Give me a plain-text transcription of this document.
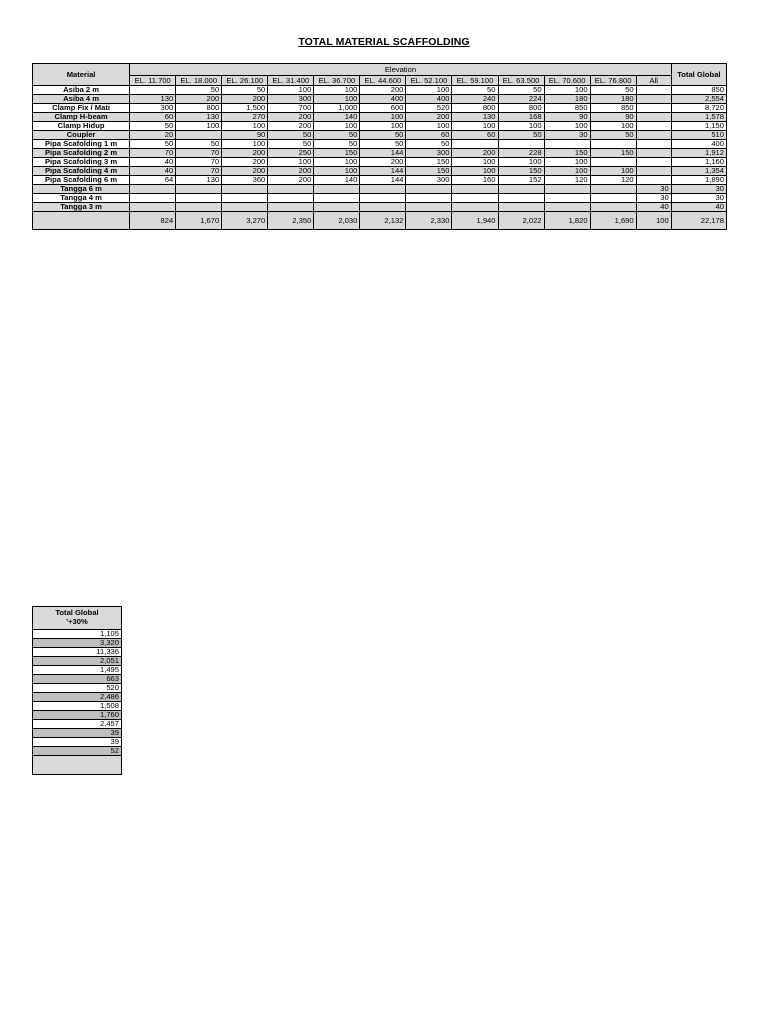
TOTAL MATERIAL SCAFFOLDING
Material	Elevation												Total Global
	EL. 11.700	EL. 18.000	EL. 26.100	EL. 31.400	EL. 36.700	EL. 44.600	EL. 52.100	EL. 59.100	EL. 63.500	EL. 70.600	EL. 76.800	All	
Asiba 2 m		50	50	100	100	200	100	50	50	100	50		850
Asiba 4 m	130	200	200	300	100	400	400	240	224	180	180		2,554
Clamp Fix / Mati	300	800	1,500	700	1,000	600	520	800	800	850	850		8,720
Clamp H-beam	60	130	270	200	140	100	200	130	168	90	90		1,578
Clamp Hidup	50	100	100	200	100	100	100	100	100	100	100		1,150
Coupler	20		90	50	50	50	60	60	50	30	50		510
Pipa Scafolding 1 m	50	50	100	50	50	50	50						400
Pipa Scafolding 2 m	70	70	200	250	150	144	300	200	228	150	150		1,912
Pipa Scafolding 3 m	40	70	200	100	100	200	150	100	100	100			1,160
Pipa Scafolding 4 m	40	70	200	200	100	144	150	100	150	100	100		1,354
Pipa Scafolding 6 m	64	130	360	200	140	144	300	160	152	120	120		1,890
Tangga 6 m												30	30
Tangga 4 m												30	30
Tangga 3 m												40	40
	824	1,670	3,270	2,350	2,030	2,132	2,330	1,940	2,022	1,820	1,690	100	22,178
Total Global
'+30%

1,105
3,320
11,336
2,051
1,495
663
520
2,486
1,508
1,760
2,457
39
39
52
